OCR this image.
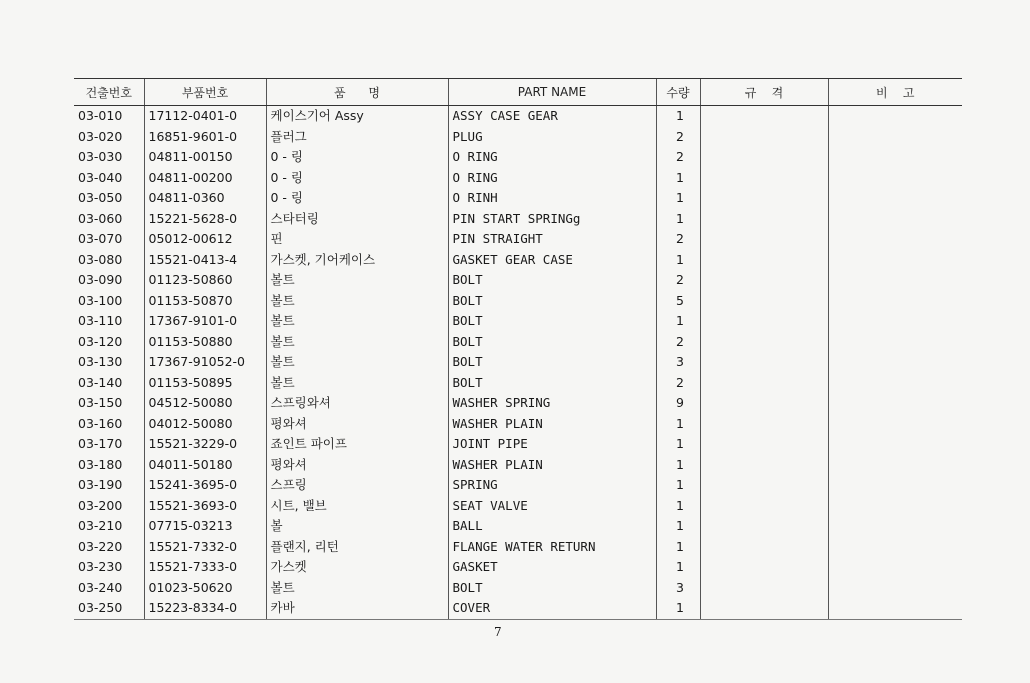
건출번호	부품번호	품      명	PART NAME	수량	규    격	비    고
03-010	17112-0401-0	케이스기어 Assy	ASSY CASE GEAR	1		
03-020	16851-9601-0	플러그	PLUG	2		
03-030	04811-00150	0 - 링	O RING	2		
03-040	04811-00200	0 - 링	O RING	1		
03-050	04811-0360	0 - 링	O RINH	1		
03-060	15221-5628-0	스타터링	PIN START SPRINGg	1		
03-070	05012-00612	핀	PIN STRAIGHT	2		
03-080	15521-0413-4	가스켓, 기어케이스	GASKET GEAR CASE	1		
03-090	01123-50860	볼트	BOLT	2		
03-100	01153-50870	볼트	BOLT	5		
03-110	17367-9101-0	볼트	BOLT	1		
03-120	01153-50880	볼트	BOLT	2		
03-130	17367-91052-0	볼트	BOLT	3		
03-140	01153-50895	볼트	BOLT	2		
03-150	04512-50080	스프링와셔	WASHER SPRING	9		
03-160	04012-50080	평와셔	WASHER PLAIN	1		
03-170	15521-3229-0	죠인트 파이프	JOINT PIPE	1		
03-180	04011-50180	평와셔	WASHER PLAIN	1		
03-190	15241-3695-0	스프링	SPRING	1		
03-200	15521-3693-0	시트, 밸브	SEAT VALVE	1		
03-210	07715-03213	볼	BALL	1		
03-220	15521-7332-0	플랜지, 리턴	FLANGE WATER RETURN	1		
03-230	15521-7333-0	가스켓	GASKET	1		
03-240	01023-50620	볼트	BOLT	3		
03-250	15223-8334-0	카바	COVER	1		
7
